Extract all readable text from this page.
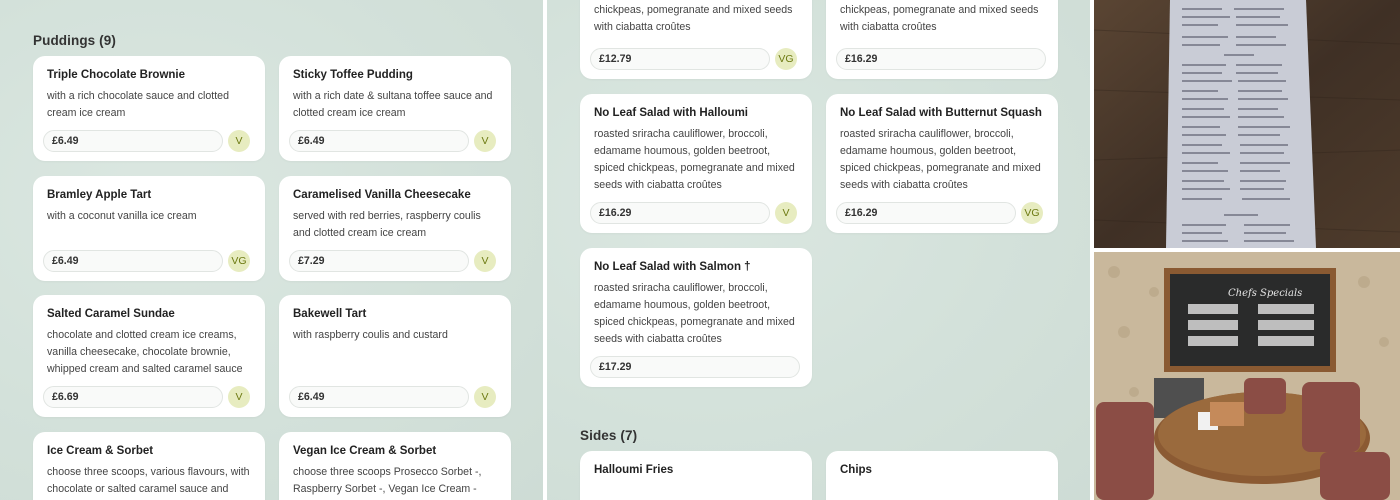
Puddings (9)
Triple Chocolate Brownie
with a rich chocolate sauce and clotted cream ice cream
£6.49	V
Sticky Toffee Pudding
with a rich date & sultana toffee sauce and clotted cream ice cream
£6.49	V
Bramley Apple Tart
with a coconut vanilla ice cream
£6.49	VG
Caramelised Vanilla Cheesecake
served with red berries, raspberry coulis and clotted cream ice cream
£7.29	V
Salted Caramel Sundae
chocolate and clotted cream ice creams, vanilla cheesecake, chocolate brownie, whipped cream and salted caramel sauce
£6.69	V
Bakewell Tart
with raspberry coulis and custard
£6.49	V
Ice Cream & Sorbet
choose three scoops, various flavours, with chocolate or salted caramel sauce and
Vegan Ice Cream & Sorbet
choose three scoops Prosecco Sorbet -, Raspberry Sorbet -, Vegan Ice Cream -
chickpeas, pomegranate and mixed seeds with ciabatta croûtes
£12.79	VG
chickpeas, pomegranate and mixed seeds with ciabatta croûtes
£16.29
No Leaf Salad with Halloumi
roasted sriracha cauliflower, broccoli, edamame houmous, golden beetroot, spiced chickpeas, pomegranate and mixed seeds with ciabatta croûtes
£16.29	V
No Leaf Salad with Butternut Squash
roasted sriracha cauliflower, broccoli, edamame houmous, golden beetroot, spiced chickpeas, pomegranate and mixed seeds with ciabatta croûtes
£16.29	VG
No Leaf Salad with Salmon †
roasted sriracha cauliflower, broccoli, edamame houmous, golden beetroot, spiced chickpeas, pomegranate and mixed seeds with ciabatta croûtes
£17.29
Sides (7)
Halloumi Fries	Chips
Chefs Specials
